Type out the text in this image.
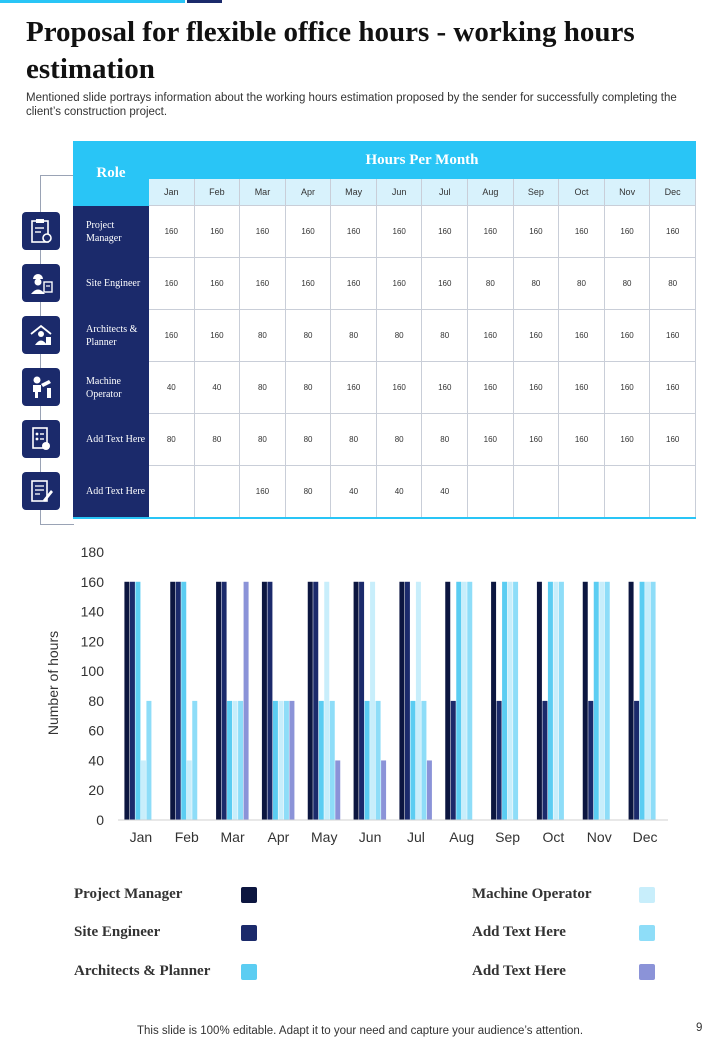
Proposal for flexible office hours - working hours estimation
Mentioned slide portrays information about the working hours estimation proposed by the sender for successfully completing the client’s construction project.
Role	Hours Per Month											
	Jan	Feb	Mar	Apr	May	Jun	Jul	Aug	Sep	Oct	Nov	Dec
Project Manager	160	160	160	160	160	160	160	160	160	160	160	160
Site Engineer	160	160	160	160	160	160	160	80	80	80	80	80
Architects & Planner	160	160	80	80	80	80	80	160	160	160	160	160
Machine Operator	40	40	80	80	160	160	160	160	160	160	160	160
Add Text Here	80	80	80	80	80	80	80	160	160	160	160	160
Add Text Here			160	80	40	40	40					
Number of hours
0
20
40
60
80
100
120
140
160
180
Jan Feb Mar Apr May Jun Jul Aug Sep Oct Nov Dec
Project Manager
Site Engineer
Architects & Planner
Machine Operator
Add Text Here
Add Text Here
This slide is 100% editable. Adapt it to your need and capture your audience’s attention.	9
